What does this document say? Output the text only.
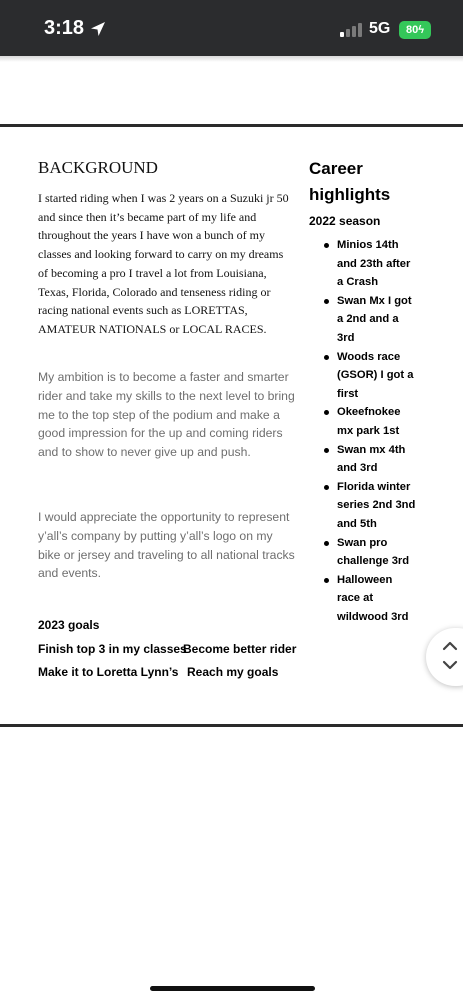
3:18	5G	80ϟ
BACKGROUND

I started riding when I was 2 years on a Suzuki jr 50 and since then it’s became part of my life and throughout the years I have won a bunch of my classes and looking forward to carry on my dreams of becoming a pro I travel a lot from Louisiana, Texas, Florida, Colorado and tenseness riding or racing national events such as LORETTAS, AMATEUR NATIONALS or LOCAL RACES.

My ambition is to become a faster and smarter rider and take my skills to the next level to bring me to the top step of the podium and make a good impression for the up and coming riders and to show to never give up and push.

I would appreciate the opportunity to represent y’all’s company by putting y’all’s logo on my bike or jersey and traveling to all national tracks and events.

2023 goals
Finish top 3 in my classes
Become better rider
Make it to Loretta Lynn’s Reach my goals
Career highlights
2022 season
Minios 14th and 23th after a Crash
Swan Mx I got a 2nd and a 3rd
Woods race (GSOR) I got a first
Okeefnokee mx park 1st
Swan mx 4th and 3rd
Florida winter series 2nd 3nd and 5th
Swan pro challenge 3rd
Halloween race at wildwood 3rd
